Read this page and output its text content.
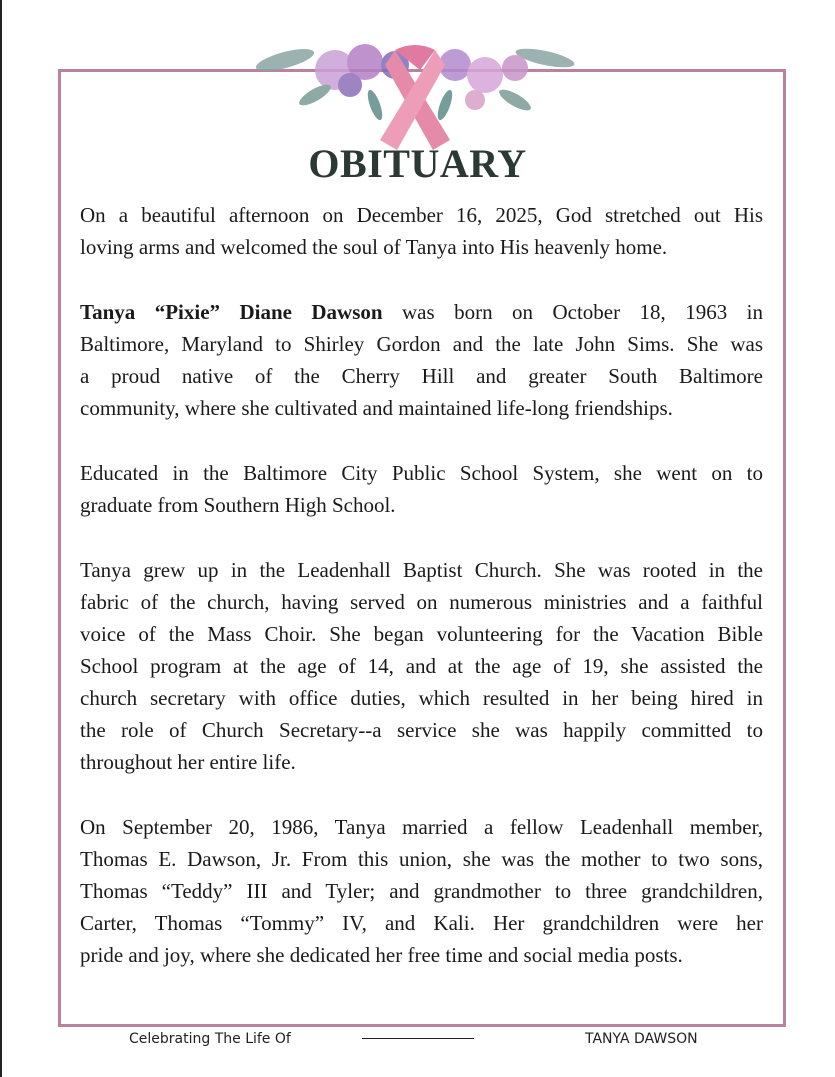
OBITUARY
On a beautiful afternoon on December 16, 2025, God stretched out His
loving arms and welcomed the soul of Tanya into His heavenly home.
Tanya “Pixie” Diane Dawson was born on October 18, 1963 in
Baltimore, Maryland to Shirley Gordon and the late John Sims. She was
a proud native of the Cherry Hill and greater South Baltimore
community, where she cultivated and maintained life-long friendships.
Educated in the Baltimore City Public School System, she went on to
graduate from Southern High School.
Tanya grew up in the Leadenhall Baptist Church. She was rooted in the
fabric of the church, having served on numerous ministries and a faithful
voice of the Mass Choir. She began volunteering for the Vacation Bible
School program at the age of 14, and at the age of 19, she assisted the
church secretary with office duties, which resulted in her being hired in
the role of Church Secretary--a service she was happily committed to
throughout her entire life.
On September 20, 1986, Tanya married a fellow Leadenhall member,
Thomas E. Dawson, Jr. From this union, she was the mother to two sons,
Thomas “Teddy” III and Tyler; and grandmother to three grandchildren,
Carter, Thomas “Tommy” IV, and Kali. Her grandchildren were her
pride and joy, where she dedicated her free time and social media posts.
Celebrating The Life Of	TANYA DAWSON
